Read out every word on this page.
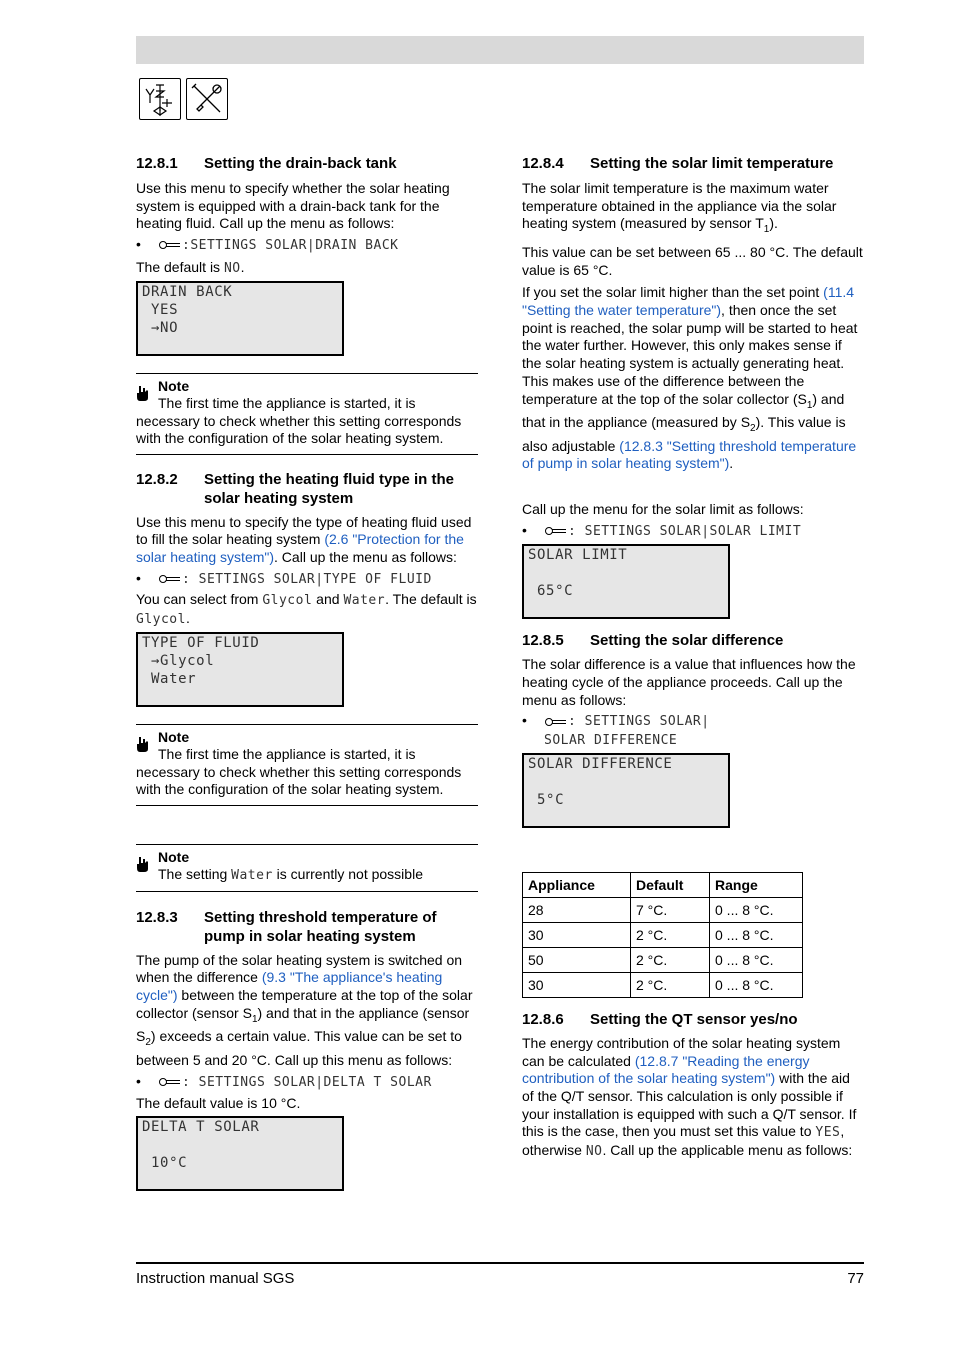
12.8.1	Setting the drain-back tank

Use this menu to specify whether the solar heating system is equipped with a drain-back tank for the heating fluid. Call up the menu as follows:

•	:SETTINGS SOLAR|DRAIN BACK

The default is NO.

DRAIN BACK
YES
→NO
Note
The first time the appliance is started, it is
necessary to check whether this setting corresponds with the configuration of the solar heating system.
12.8.2	Setting the heating fluid type in the solar heating system

Use this menu to specify the type of heating fluid used to fill the solar heating system (2.6 "Protection for the solar heating system"). Call up the menu as follows:

•	: SETTINGS SOLAR|TYPE OF FLUID

You can select from Glycol and Water. The default is Glycol.

TYPE OF FLUID
→Glycol
Water
Note
The first time the appliance is started, it is
necessary to check whether this setting corresponds with the configuration of the solar heating system.
Note
The setting Water is currently not possible
12.8.3	Setting threshold temperature of pump in solar heating system

The pump of the solar heating system is switched on when the difference (9.3 "The appliance's heating cycle") between the temperature at the top of the solar collector (sensor $S_1$) and that in the appliance (sensor $S_2$) exceeds a certain value. This value can be set to between 5 and 20 °C. Call up this menu as follows:

•	: SETTINGS SOLAR|DELTA T SOLAR

The default value is 10 °C.

DELTA T SOLAR

10°C
12.8.4	Setting the solar limit temperature

The solar limit temperature is the maximum water temperature obtained in the appliance via the solar heating system (measured by sensor $T_1$).

This value can be set between 65 ... 80 °C. The default value is 65 °C.

If you set the solar limit higher than the set point (11.4 "Setting the water temperature"), then once the set point is reached, the solar pump will be started to heat the water further. However, this only makes sense if the solar heating system is actually generating heat. This makes use of the difference between the temperature at the top of the solar collector $(S_1)$ and that in the appliance (measured by $S_2$). This value is also adjustable (12.8.3 "Setting threshold temperature of pump in solar heating system").

Call up the menu for the solar limit as follows:

•	: SETTINGS SOLAR|SOLAR LIMIT
SOLAR LIMIT

65°C
12.8.5	Setting the solar difference

The solar difference is a value that influences how the heating cycle of the appliance proceeds. Call up the menu as follows:

•	: SETTINGS SOLAR|
SOLAR DIFFERENCE
SOLAR DIFFERENCE

5°C
Appliance	Default	Range
28	7 °C.	0 ... 8 °C.
30	2 °C.	0 ... 8 °C.
50	2 °C.	0 ... 8 °C.
30	2 °C.	0 ... 8 °C.
12.8.6	Setting the QT sensor yes/no

The energy contribution of the solar heating system can be calculated (12.8.7 "Reading the energy contribution of the solar heating system") with the aid of the Q/T sensor. This calculation is only possible if your installation is equipped with such a Q/T sensor. If this is the case, then you must set this value to YES, otherwise NO. Call up the applicable menu as follows:

Instruction manual SGS	77
